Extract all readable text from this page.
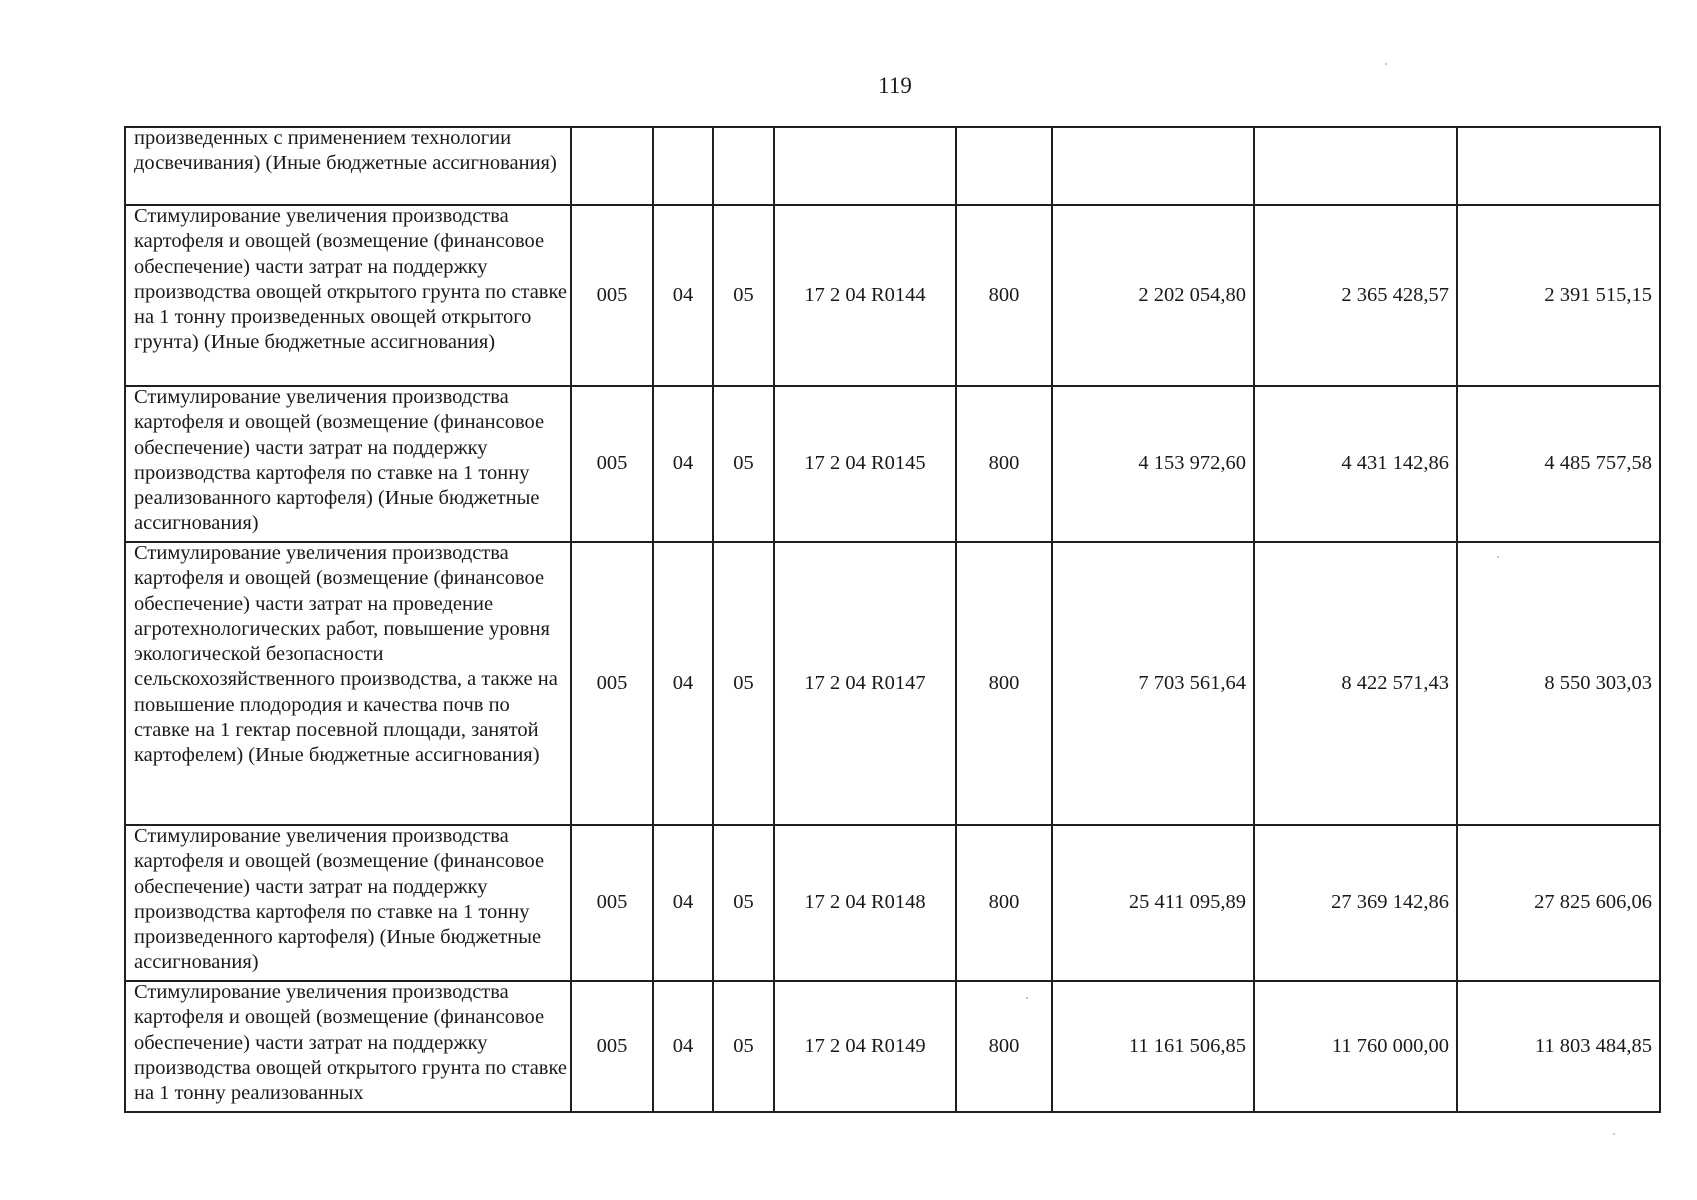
119
произведенных с применением технологии досвечивания) (Иные бюджетные ассигнования)								

Стимулирование увеличения производства картофеля и овощей (возмещение (финансовое обеспечение) части затрат на поддержку производства овощей открытого грунта по ставке на 1 тонну произведенных овощей открытого грунта) (Иные бюджетные ассигнования)	005	04	05	17 2 04 R0144	800	2 202 054,80	2 365 428,57	2 391 515,15

Стимулирование увеличения производства картофеля и овощей (возмещение (финансовое обеспечение) части затрат на поддержку производства картофеля по ставке на 1 тонну реализованного картофеля) (Иные бюджетные ассигнования)	005	04	05	17 2 04 R0145	800	4 153 972,60	4 431 142,86	4 485 757,58

Стимулирование увеличения производства картофеля и овощей (возмещение (финансовое обеспечение) части затрат на проведение агротехнологических работ, повышение уровня экологической безопасности сельскохозяйственного производства, а также на повышение плодородия и качества почв по ставке на 1 гектар посевной площади, занятой картофелем) (Иные бюджетные ассигнования)	005	04	05	17 2 04 R0147	800	7 703 561,64	8 422 571,43	8 550 303,03

Стимулирование увеличения производства картофеля и овощей (возмещение (финансовое обеспечение) части затрат на поддержку производства картофеля по ставке на 1 тонну произведенного картофеля) (Иные бюджетные ассигнования)	005	04	05	17 2 04 R0148	800	25 411 095,89	27 369 142,86	27 825 606,06

Стимулирование увеличения производства картофеля и овощей (возмещение (финансовое обеспечение) части затрат на поддержку производства овощей открытого грунта по ставке на 1 тонну реализованных	005	04	05	17 2 04 R0149	800	11 161 506,85	11 760 000,00	11 803 484,85
